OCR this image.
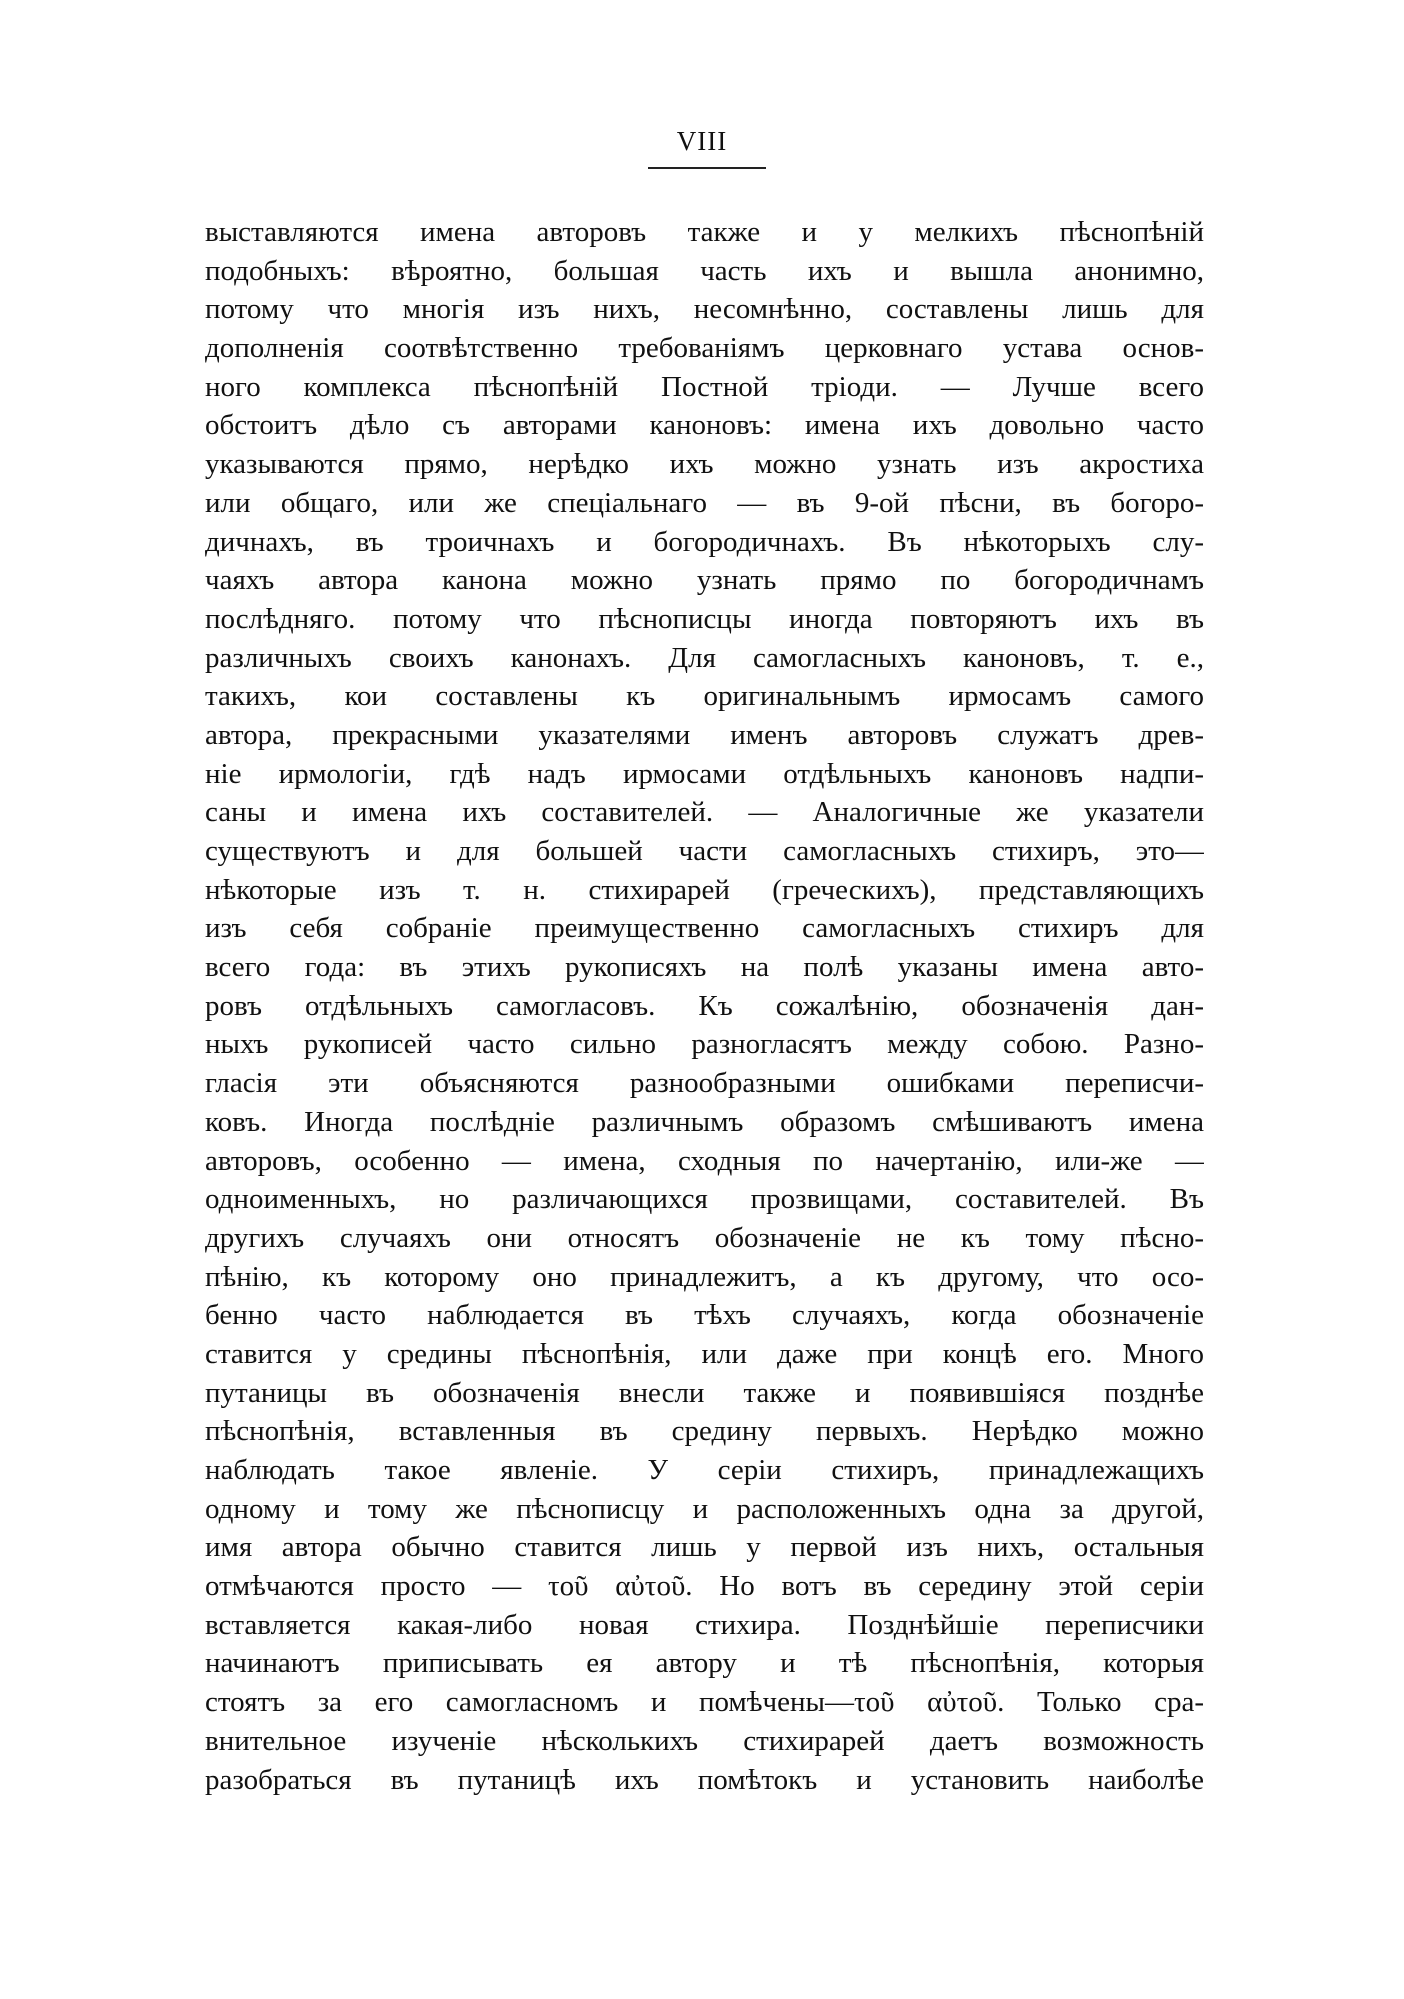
VIII
выставляются имена авторовъ также и у мелкихъ пѣснопѣній
подобныхъ: вѣроятно, большая часть ихъ и вышла анонимно,
потому что многія изъ нихъ, несомнѣнно, составлены лишь для
дополненія соотвѣтственно требованіямъ церковнаго устава основ-
ного комплекса пѣснопѣній Постной тріоди. — Лучше всего
обстоитъ дѣло съ авторами каноновъ: имена ихъ довольно часто
указываются прямо, нерѣдко ихъ можно узнать изъ акростиха
или общаго, или же спеціальнаго — въ 9-ой пѣсни, въ богоро-
дичнахъ, въ троичнахъ и богородичнахъ. Въ нѣкоторыхъ слу-
чаяхъ автора канона можно узнать прямо по богородичнамъ
послѣдняго. потому что пѣснописцы иногда повторяютъ ихъ въ
различныхъ своихъ канонахъ. Для самогласныхъ каноновъ, т. е.,
такихъ, кои составлены къ оригинальнымъ ирмосамъ самого
автора, прекрасными указателями именъ авторовъ служатъ древ-
ніе ирмологіи, гдѣ надъ ирмосами отдѣльныхъ каноновъ надпи-
саны и имена ихъ составителей. — Аналогичные же указатели
существуютъ и для большей части самогласныхъ стихиръ, это—
нѣкоторые изъ т. н. стихирарей (греческихъ), представляющихъ
изъ себя собраніе преимущественно самогласныхъ стихиръ для
всего года: въ этихъ рукописяхъ на полѣ указаны имена авто-
ровъ отдѣльныхъ самогласовъ. Къ сожалѣнію, обозначенія дан-
ныхъ рукописей часто сильно разногласятъ между собою. Разно-
гласія эти объясняются разнообразными ошибками переписчи-
ковъ. Иногда послѣдніе различнымъ образомъ смѣшиваютъ имена
авторовъ, особенно — имена, сходныя по начертанію, или-же —
одноименныхъ, но различающихся прозвищами, составителей. Въ
другихъ случаяхъ они относятъ обозначеніе не къ тому пѣсно-
пѣнію, къ которому оно принадлежитъ, а къ другому, что осо-
бенно часто наблюдается въ тѣхъ случаяхъ, когда обозначеніе
ставится у средины пѣснопѣнія, или даже при концѣ его. Много
путаницы въ обозначенія внесли также и появившіяся позднѣе
пѣснопѣнія, вставленныя въ средину первыхъ. Нерѣдко можно
наблюдать такое явленіе. У серіи стихиръ, принадлежащихъ
одному и тому же пѣснописцу и расположенныхъ одна за другой,
имя автора обычно ставится лишь у первой изъ нихъ, остальныя
отмѣчаются просто — τοῦ αὐτοῦ. Но вотъ въ середину этой серіи
вставляется какая-либо новая стихира. Позднѣйшіе переписчики
начинаютъ приписывать ея автору и тѣ пѣснопѣнія, которыя
стоятъ за его самогласномъ и помѣчены—τοῦ αὐτοῦ. Только сра-
внительное изученіе нѣсколькихъ стихирарей даетъ возможность
разобраться въ путаницѣ ихъ помѣтокъ и установить наиболѣе
